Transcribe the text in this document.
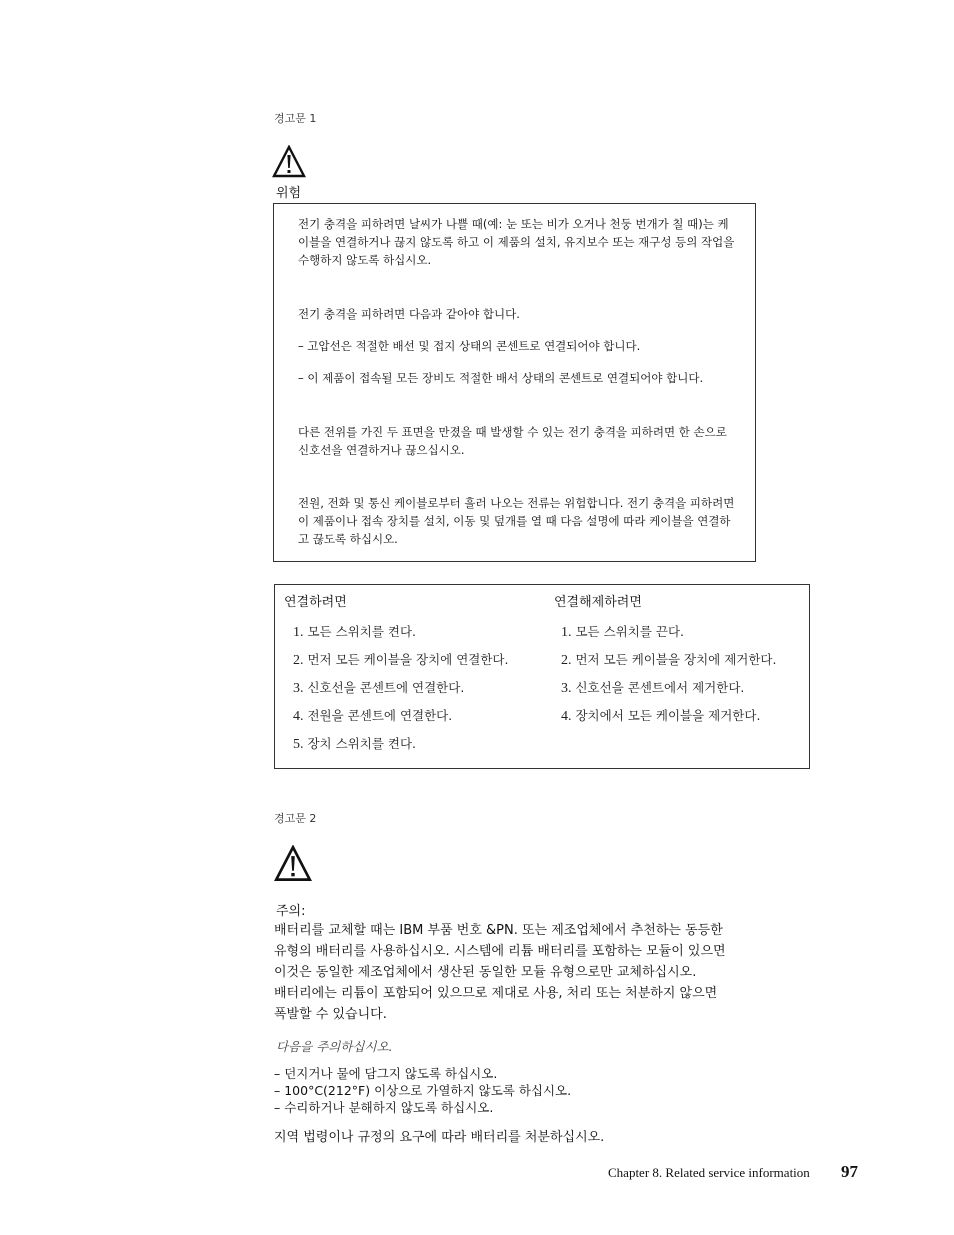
경고문 1
위험

전기 충격을 피하려면 날씨가 나쁠 때(예: 눈 또는 비가 오거나 천둥 번개가 칠 때)는 케이블을 연결하거나 끊지 않도록 하고 이 제품의 설치, 유지보수 또는 재구성 등의 작업을 수행하지 않도록 하십시오.

전기 충격을 피하려면 다음과 같아야 합니다.

– 고압선은 적절한 배선 및 접지 상태의 콘센트로 연결되어야 합니다.

– 이 제품이 접속될 모든 장비도 적절한 배서 상태의 콘센트로 연결되어야 합니다.

다른 전위를 가진 두 표면을 만졌을 때 발생할 수 있는 전기 충격을 피하려면 한 손으로 신호선을 연결하거나 끊으십시오.

전원, 전화 및 통신 케이블로부터 흘러 나오는 전류는 위험합니다. 전기 충격을 피하려면 이 제품이나 접속 장치를 설치, 이동 및 덮개를 열 때 다음 설명에 따라 케이블을 연결하고 끊도록 하십시오.

연결하려면	연결해제하려면
1. 모든 스위치를 켠다.
2. 먼저 모든 케이블을 장치에 연결한다.
3. 신호선을 콘센트에 연결한다.
4. 전원을 콘센트에 연결한다.
5. 장치 스위치를 켠다.
1. 모든 스위치를 끈다.
2. 먼저 모든 케이블을 장치에 제거한다.
3. 신호선을 콘센트에서 제거한다.
4. 장치에서 모든 케이블을 제거한다.
경고문 2
주의:

배터리를 교체할 때는 IBM 부품 번호 &PN. 또는 제조업체에서 추천하는 동등한

유형의 배터리를 사용하십시오. 시스템에 리튬 배터리를 포함하는 모듈이 있으면

이것은 동일한 제조업체에서 생산된 동일한 모듈 유형으로만 교체하십시오.

배터리에는 리튬이 포함되어 있으므로 제대로 사용, 처리 또는 처분하지 않으면

폭발할 수 있습니다.

다음을 주의하십시오.
– 던지거나 물에 담그지 않도록 하십시오.
– 100°C(212°F) 이상으로 가열하지 않도록 하십시오.
– 수리하거나 분해하지 않도록 하십시오.
지역 법령이나 규정의 요구에 따라 배터리를 처분하십시오.
Chapter 8. Related service information 97
